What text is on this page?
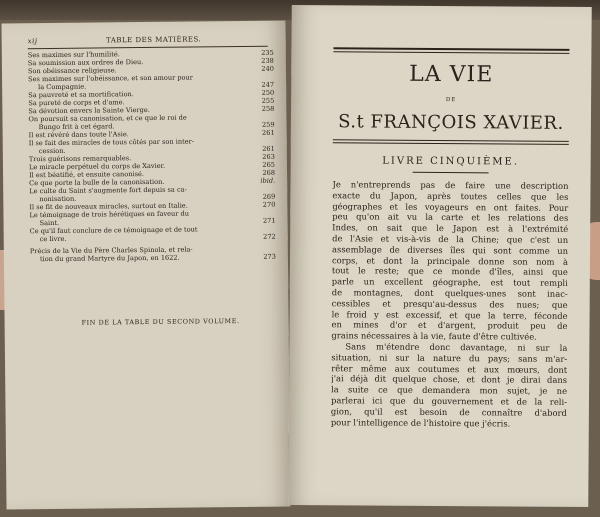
xij	TABLE DES MATIÈRES.
Ses maximes sur l'humilité.	235
Sa soumission aux ordres de Dieu.	238
Son obéissance religieuse.	240
Ses maximes sur l'obéissance, et son amour pour
la Compagnie.	247
Sa pauvreté et sa mortification.	250
Sa pureté de corps et d'ame.	255
Sa dévotion envers la Sainte Vierge.	258
On poursuit sa canonisation, et ce que le roi de
Bungo frit à cet égard.	259
Il est révéré dans toute l'Asie.	261
Il se fait des miracles de tous côtés par son inter-
cession.	261
Trois guérisons remarquables.	263
Le miracle perpétuel du corps de Xavier.	265
Il est béatifié, et ensuite canonisé.	268
Ce que porte la bulle de la canonisation.	ibid.
Le culte du Saint s'augmente fort depuis sa ca-
nonisation.	269
Il se fit de nouveaux miracles, surtout en Italie.	270
Le témoignage de trois hérétiques en faveur du
Saint.	271
Ce qu'il faut conclure de ce témoignage et de tout
ce livre.	272
Précis de la Vie du Père Charles Spinola, et rela-
tion du grand Martyre du Japon, en 1622.	273
FIN DE LA TABLE DU SECOND VOLUME.
LA VIE
DE
S.t FRANÇOIS XAVIER.
LIVRE CINQUIÈME.
Je n'entreprends pas de faire une description
exacte du Japon, après toutes celles que les
géographes et les voyageurs en ont faites. Pour
peu qu'on ait vu la carte et les relations des
Indes, on sait que le Japon est à l'extrémité
de l'Asie et vis-à-vis de la Chine; que c'est un
assemblage de diverses îles qui sont comme un
corps, et dont la principale donne son nom à
tout le reste; que ce monde d'îles, ainsi que
parle un excellent géographe, est tout rempli
de montagnes, dont quelques-unes sont inac-
cessibles et presqu'au-dessus des nues; que
le froid y est excessif, et que la terre, féconde
en mines d'or et d'argent, produit peu de
grains nécessaires à la vie, faute d'être cultivée.
Sans m'étendre donc davantage, ni sur la
situation, ni sur la nature du pays; sans m'ar-
rêter même aux coutumes et aux mœurs, dont
j'ai déjà dit quelque chose, et dont je dirai dans
la suite ce que demandera mon sujet, je ne
parlerai ici que du gouvernement et de la reli-
gion, qu'il est besoin de connaître d'abord
pour l'intelligence de l'histoire que j'écris.
